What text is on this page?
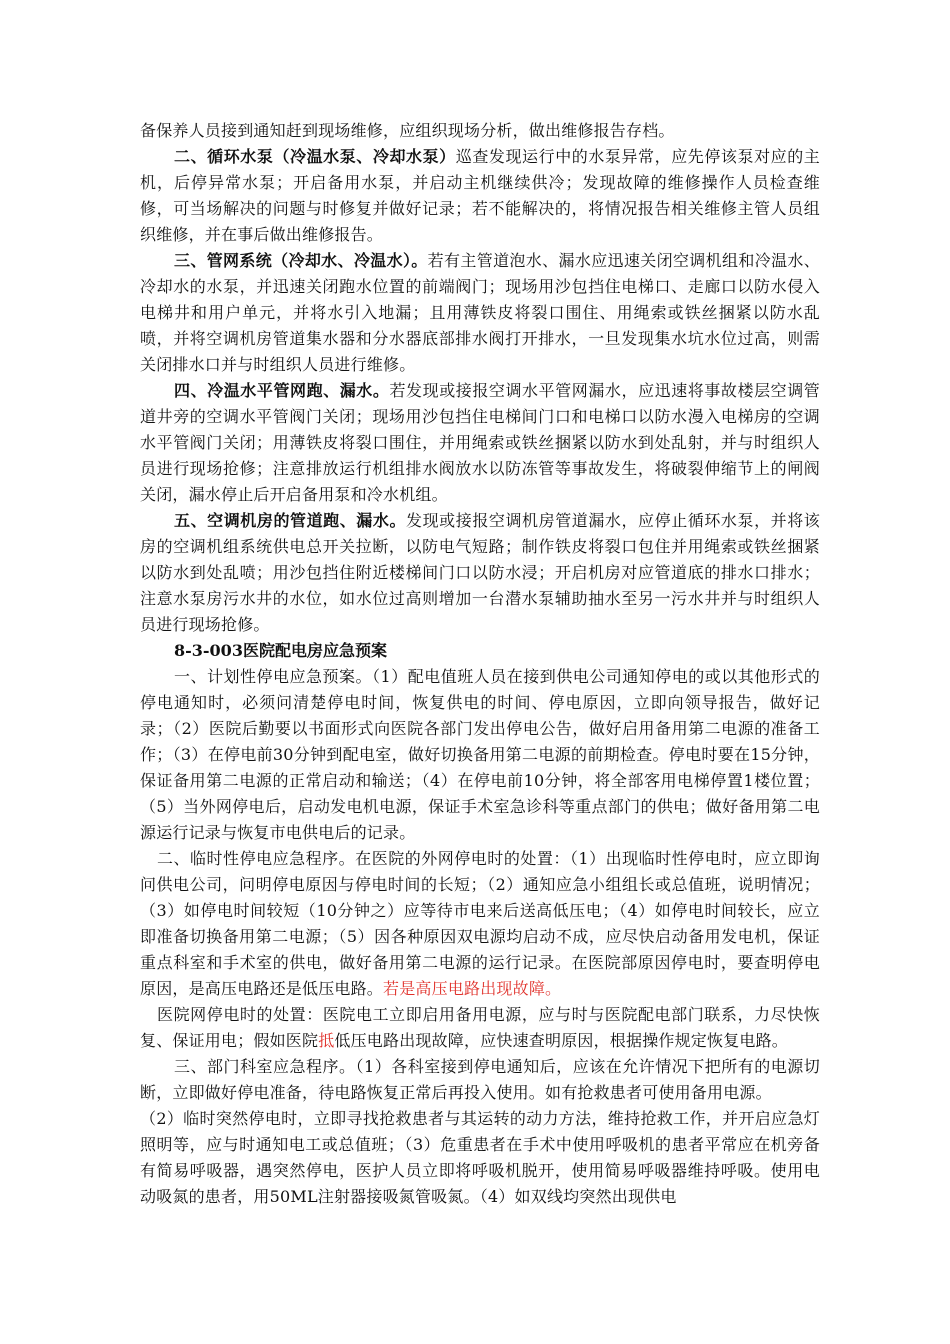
备保养人员接到通知赶到现场维修，应组织现场分析，做出维修报告存档。

二、循环水泵（冷温水泵、冷却水泵）巡查发现运行中的水泵异常，应先停该泵对应的主机，后停异常水泵；开启备用水泵，并启动主机继续供冷；发现故障的维修操作人员检查维修，可当场解决的问题与时修复并做好记录；若不能解决的，将情况报告相关维修主管人员组织维修，并在事后做出维修报告。

三、管网系统（冷却水、冷温水）。若有主管道泡水、漏水应迅速关闭空调机组和冷温水、冷却水的水泵，并迅速关闭跑水位置的前端阀门；现场用沙包挡住电梯口、走廊口以防水侵入电梯井和用户单元，并将水引入地漏；且用薄铁皮将裂口围住、用绳索或铁丝捆紧以防水乱喷，并将空调机房管道集水器和分水器底部排水阀打开排水，一旦发现集水坑水位过高，则需关闭排水口并与时组织人员进行维修。

四、冷温水平管网跑、漏水。若发现或接报空调水平管网漏水，应迅速将事故楼层空调管道井旁的空调水平管阀门关闭；现场用沙包挡住电梯间门口和电梯口以防水漫入电梯房的空调水平管阀门关闭；用薄铁皮将裂口围住，并用绳索或铁丝捆紧以防水到处乱射，并与时组织人员进行现场抢修；注意排放运行机组排水阀放水以防冻管等事故发生，将破裂伸缩节上的闸阀关闭，漏水停止后开启备用泵和冷水机组。

五、空调机房的管道跑、漏水。发现或接报空调机房管道漏水，应停止循环水泵，并将该房的空调机组系统供电总开关拉断，以防电气短路；制作铁皮将裂口包住并用绳索或铁丝捆紧以防水到处乱喷；用沙包挡住附近楼梯间门口以防水浸；开启机房对应管道底的排水口排水；注意水泵房污水井的水位，如水位过高则增加一台潜水泵辅助抽水至另一污水井并与时组织人员进行现场抢修。

8-3-003医院配电房应急预案

一、计划性停电应急预案。（1）配电值班人员在接到供电公司通知停电的或以其他形式的停电通知时，必须问清楚停电时间，恢复供电的时间、停电原因，立即向领导报告，做好记录；（2）医院后勤要以书面形式向医院各部门发出停电公告，做好启用备用第二电源的准备工作；（3）在停电前30分钟到配电室，做好切换备用第二电源的前期检查。停电时要在15分钟，保证备用第二电源的正常启动和输送；（4）在停电前10分钟，将全部客用电梯停置1楼位置；（5）当外网停电后，启动发电机电源，保证手术室急诊科等重点部门的供电；做好备用第二电源运行记录与恢复市电供电后的记录。

二、临时性停电应急程序。在医院的外网停电时的处置：（1）出现临时性停电时，应立即询问供电公司，问明停电原因与停电时间的长短；（2）通知应急小组组长或总值班，说明情况；（3）如停电时间较短（10分钟之）应等待市电来后送高低压电；（4）如停电时间较长，应立即准备切换备用第二电源；（5）因各种原因双电源均启动不成，应尽快启动备用发电机，保证重点科室和手术室的供电，做好备用第二电源的运行记录。在医院部原因停电时，要查明停电原因，是高压电路还是低压电路。若是高压电路出现故障。

医院网停电时的处置：医院电工立即启用备用电源，应与时与医院配电部门联系，力尽快恢复、保证用电；假如医院抵低压电路出现故障，应快速查明原因，根据操作规定恢复电路。

三、部门科室应急程序。（1）各科室接到停电通知后，应该在允许情况下把所有的电源切断，立即做好停电准备，待电路恢复正常后再投入使用。如有抢救患者可使用备用电源。

（2）临时突然停电时，立即寻找抢救患者与其运转的动力方法，维持抢救工作，并开启应急灯照明等，应与时通知电工或总值班；（3）危重患者在手术中使用呼吸机的患者平常应在机旁备有简易呼吸器，遇突然停电，医护人员立即将呼吸机脱开，使用简易呼吸器维持呼吸。使用电动吸氮的患者，用50ML注射器接吸氮管吸氮。（4）如双线均突然出现供电
